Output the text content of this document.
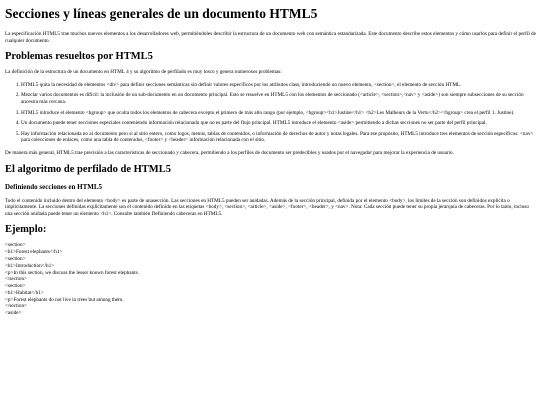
Secciones y líneas generales de un documento HTML5

La especificación HTML5 trae muchos nuevos elementos a los desarrolladores web, permitiéndoles describir la estructura de un documento web con semántica estandarizada. Este documento describe estos elementos y cómo usarlos para definir el perfil de cualquier documento.

Problemas resueltos por HTML5

La definición de la estructura de un documento en HTML 4 y su algoritmo de perfilado es muy tosco y genera numerosos problemas:

1. HTML5 quita la necesidad de elementos <div> para definir secciones semánticas sin definir valores específicos por los atributos class, introduciendo un nuevo elemento, <section>, el elemento de sección HTML.
2. Mezclar varios documentos es difícil: la inclusión de un sub-documento en un documento principal. Esto se resuelve en HTML5 con los elementos de seccionado (<article>, <section>,<nav> y <aside>) son siempre subsecciones de su sección ancestra más cercana.
3. HTML5 introduce el elemento <hgroup> que oculta todos los elementos de cabecera excepto el primero de más alto rango (por ejemplo, <hgroup><h1>Justine</h1> <h2>Les Malheurs de la Vertu</h2></hgroup> crea el perfil 1. Justine).
4. Un documento puede tener secciones especiales conteniendo información relacionado que no es parte del flujo principal. HTML5 introduce el elemento <aside> permitiendo a dichas secciones no ser parte del perfil principal.
5. Hay información relacionada no al documento pero si al sitio entero, como logos, menús, tablas de contenidos, o información de derechos de autor y notas legales. Para ese propósito, HTML5 introduce tres elementos de sección específicos: <nav> para colecciones de enlaces, como una tabla de contenidos, <footer> y <header> información relacionada con el sitio.

De manera más general, HTML5 trae precisión a las características de seccionado y cabecera, permitiendo a los perfiles de documento ser predecibles y usados por el navegador para mejorar la experiencia de usuario.

El algoritmo de perfilado de HTML5
Definiendo secciones en HTML5

Todo el contenido incluido dentro del elemento <body> es parte de unasección. Las secciones en HTML5 pueden ser anidadas. Además de la sección principal, definida por el elemento <body>, los límites de la sección son definidos explícita o implícitamente. La secciones definidas explícitamente son el contenido definido en las etiquetas <body>, <section>, <article>, <aside>, <footer>, <header>, y <nav>. Nota: Cada sección puede tener su propia jerarquía de cabeceras. Por lo tanto, incluso una sección anidada puede tener un elemento <h1>. Consulte también Definiendo cabeceras en HTML5.

Ejemplo:
<section>
<h1>Forest elephants</h1>
<section>
<h1>Introduction</h1>
<p>In this section, we discuss the lesser known forest elephants.
</section>
<section>
<h1>Habitat</h1>
<p>Forest elephants do not live in trees but among them.
</section>
<aside>
